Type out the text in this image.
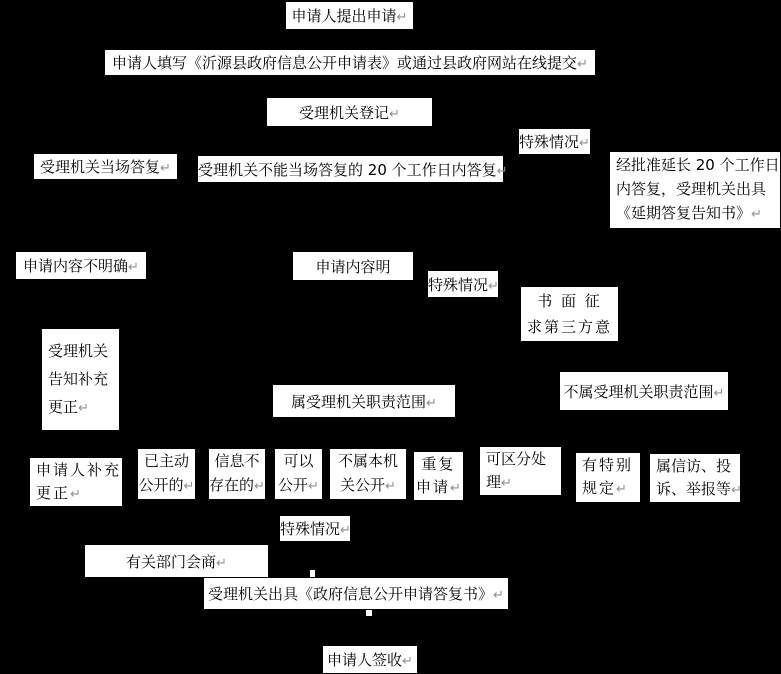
申请人提出申请↵
申请人填写《沂源县政府信息公开申请表》或通过县政府网站在线提交↵
受理机关登记↵
特殊情况↵
受理机关当场答复↵	受理机关不能当场答复的 20 个工作日内答复↵	经批准延长 20 个工作日
内答复，受理机关出具
《延期答复告知书》↵
申请内容不明确↵	申请内容明
特殊情况↵
书 面 征
求第三方意
受理机关
告知补充
更正↵	属受理机关职责范围↵
不属受理机关职责范围↵
申请人补充
更正↵
已主动
公开的↵
信息不
存在的↵
可以
公开↵
不属本机
关公开↵
重复
申请↵
可区分处
理↵
有特别
规定↵
属信访、投
诉、举报等↵
特殊情况↵
有关部门会商↵
受理机关出具《政府信息公开申请答复书》↵
申请人签收↵
